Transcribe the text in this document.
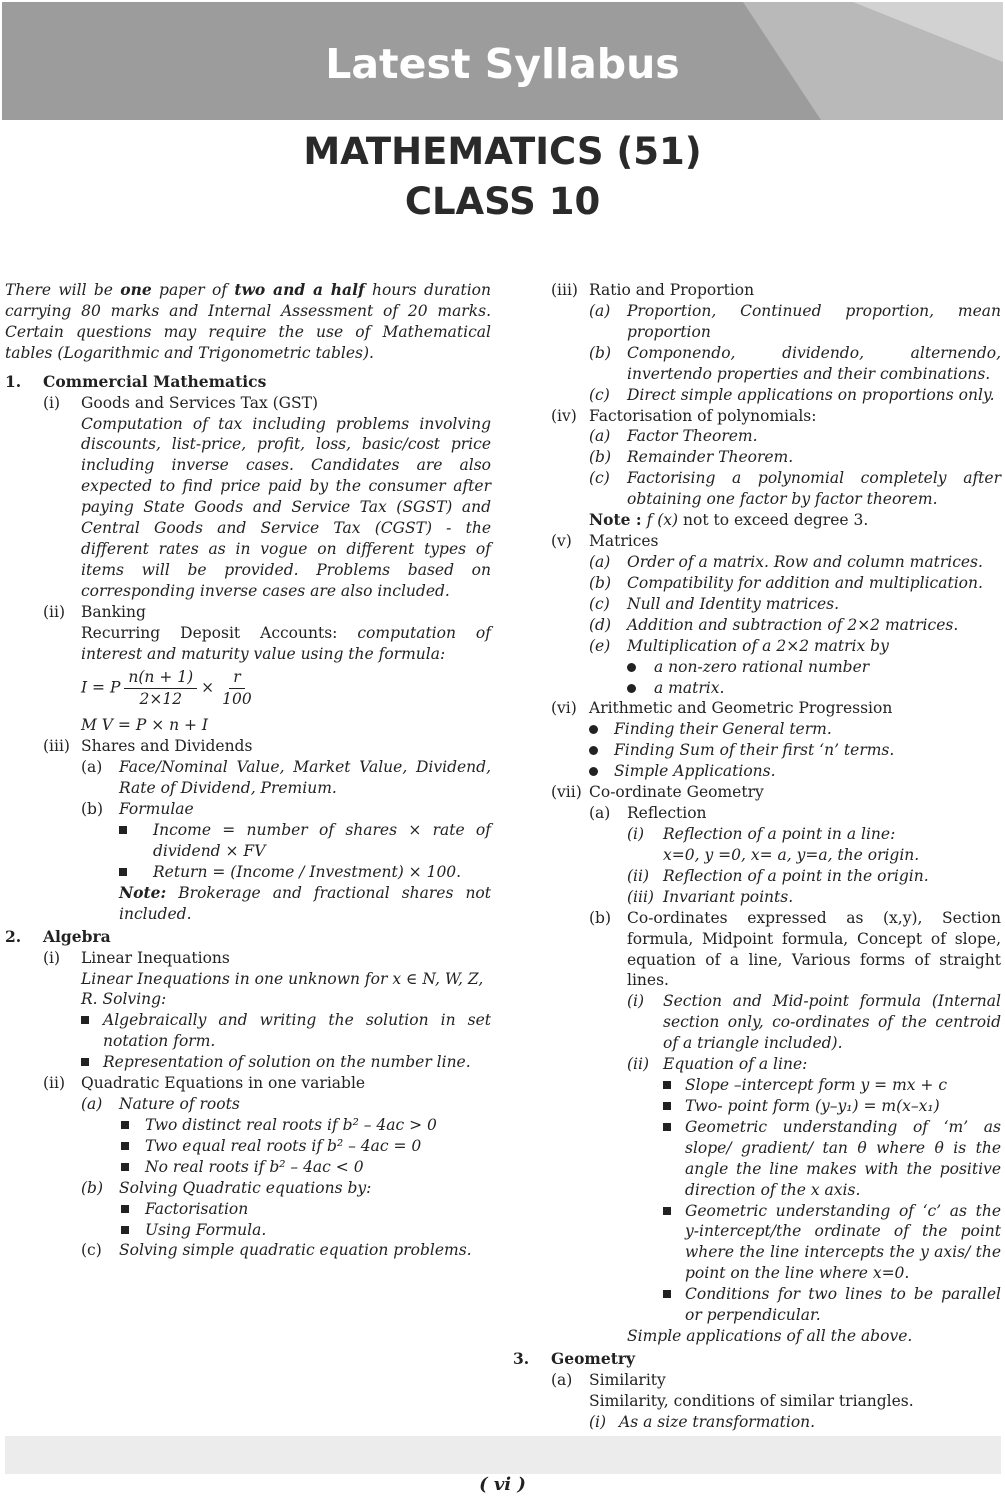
Latest Syllabus
MATHEMATICS (51)
CLASS 10
There will be one paper of two and a half hours duration carrying 80 marks and Internal Assessment of 20 marks. Certain questions may require the use of Mathematical tables (Logarithmic and Trigonometric tables).
1.	Commercial Mathematics
(i)	Goods and Services Tax (GST)
Computation of tax including problems involving discounts, list-price, profit, loss, basic/cost price including inverse cases. Candidates are also expected to find price paid by the consumer after paying State Goods and Service Tax (SGST) and Central Goods and Service Tax (CGST) - the different rates as in vogue on different types of items will be provided. Problems based on corresponding inverse cases are also included.
(ii)	Banking
Recurring Deposit Accounts: computation of interest and maturity value using the formula:
I = P $\frac{n(n + 1)}{2\times 12} \times \frac{r}{100}$
M V = P × n + I
(iii) Shares and Dividends
(a)	Face/Nominal Value, Market Value, Dividend, Rate of Dividend, Premium.
(b)	Formulae
Income = number of shares × rate of dividend × FV
Return = (Income / Investment) × 100.
Note: Brokerage and fractional shares not included.
2.	Algebra
(i)	Linear Inequations
Linear Inequations in one unknown for x ∈ N, W, Z, R. Solving:
Algebraically and writing the solution in set notation form.
Representation of solution on the number line.
(ii)	Quadratic Equations in one variable
(a)	Nature of roots
Two distinct real roots if b² – 4ac > 0
Two equal real roots if b² – 4ac = 0
No real roots if b² – 4ac < 0
(b)	Solving Quadratic equations by:
Factorisation
Using Formula.
(c)	Solving simple quadratic equation problems.
(iii) Ratio and Proportion
(a)	Proportion, Continued proportion, mean proportion
(b)	Componendo, dividendo, alternendo, invertendo properties and their combinations.
(c)	Direct simple applications on proportions only.
(iv) Factorisation of polynomials:
(a)	Factor Theorem.
(b)	Remainder Theorem.
(c)	Factorising a polynomial completely after obtaining one factor by factor theorem.
Note : f (x) not to exceed degree 3.
(v)	Matrices
(a)	Order of a matrix. Row and column matrices.
(b)	Compatibility for addition and multiplication.
(c)	Null and Identity matrices.
(d)	Addition and subtraction of 2×2 matrices.
(e)	Multiplication of a 2×2 matrix by
a non-zero rational number
a matrix.
(vi) Arithmetic and Geometric Progression
Finding their General term.
Finding Sum of their first ‘n’ terms.
Simple Applications.
(vii) Co-ordinate Geometry
(a)	Reflection
(i)	Reflection of a point in a line:
x=0, y =0, x= a, y=a, the origin.
(ii) Reflection of a point in the origin.
(iii) Invariant points.
(b)	Co-ordinates expressed as (x,y), Section formula, Midpoint formula, Concept of slope, equation of a line, Various forms of straight lines.
(i)	Section and Mid-point formula (Internal section only, co-ordinates of the centroid of a triangle included).
(ii) Equation of a line:
Slope –intercept form y = mx + c
Two- point form (y–y₁) = m(x–x₁)
Geometric understanding of ‘m’ as slope/ gradient/ tan θ where θ is the angle the line makes with the positive direction of the x axis.
Geometric understanding of ‘c’ as the y-intercept/the ordinate of the point where the line intercepts the y axis/ the point on the line where x=0.
Conditions for two lines to be parallel or perpendicular.
Simple applications of all the above.
3.	Geometry
(a)	Similarity
Similarity, conditions of similar triangles.
(i) As a size transformation.
( vi )
